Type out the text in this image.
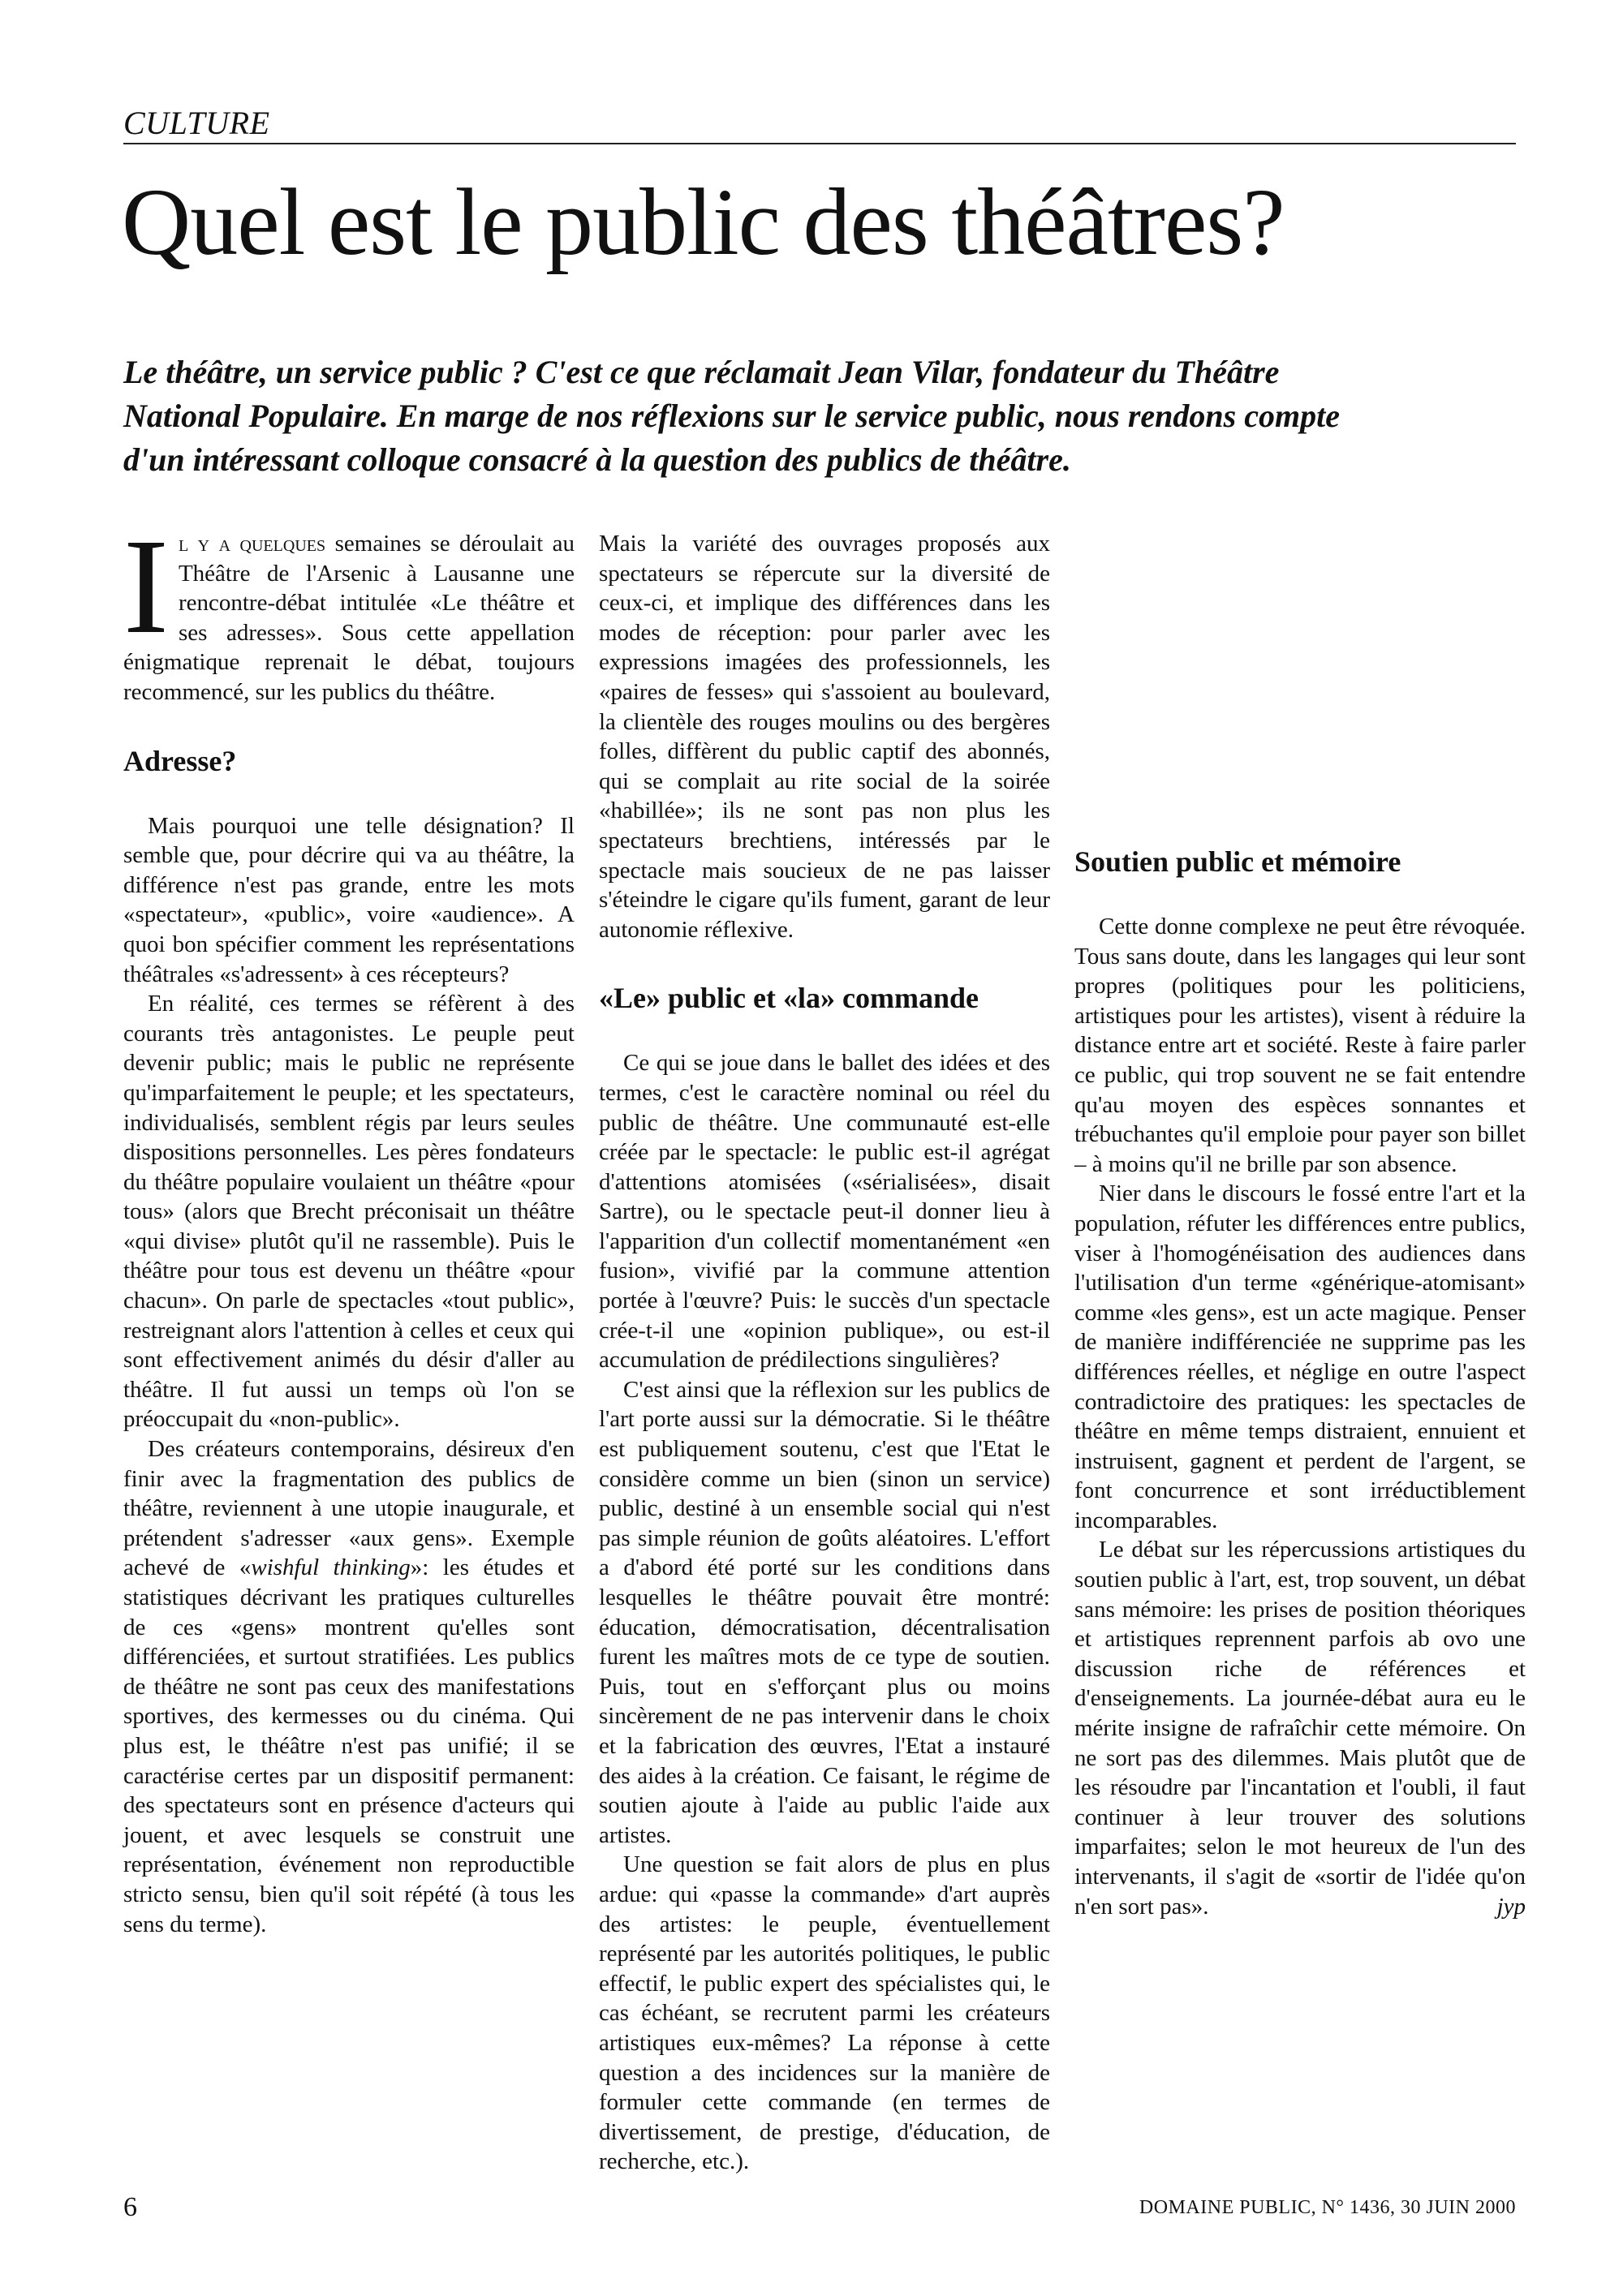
CULTURE
Quel est le public des théâtres?

Le théâtre, un service public ? C'est ce que réclamait Jean Vilar, fondateur du Théâtre National Populaire. En marge de nos réflexions sur le service public, nous rendons compte d'un intéressant colloque consacré à la question des publics de théâtre.

Il y a quelques semaines se déroulait au Théâtre de l'Arsenic à Lausanne une rencontre-débat intitulée «Le théâtre et ses adresses». Sous cette appellation énigmatique reprenait le débat, toujours recommencé, sur les publics du théâtre.

Adresse?

Mais pourquoi une telle désignation? Il semble que, pour décrire qui va au théâtre, la différence n'est pas grande, entre les mots «spectateur», «public», voire «audience». A quoi bon spécifier comment les représentations théâtrales «s'adressent» à ces récepteurs?

En réalité, ces termes se réfèrent à des courants très antagonistes. Le peuple peut devenir public; mais le public ne représente qu'imparfaitement le peuple; et les spectateurs, individualisés, semblent régis par leurs seules dispositions personnelles. Les pères fondateurs du théâtre populaire voulaient un théâtre «pour tous» (alors que Brecht préconisait un théâtre «qui divise» plutôt qu'il ne rassemble). Puis le théâtre pour tous est devenu un théâtre «pour chacun». On parle de spectacles «tout public», restreignant alors l'attention à celles et ceux qui sont effectivement animés du désir d'aller au théâtre. Il fut aussi un temps où l'on se préoccupait du «non-public».

Des créateurs contemporains, désireux d'en finir avec la fragmentation des publics de théâtre, reviennent à une utopie inaugurale, et prétendent s'adresser «aux gens». Exemple achevé de «wishful thinking»: les études et statistiques décrivant les pratiques culturelles de ces «gens» montrent qu'elles sont différenciées, et surtout stratifiées. Les publics de théâtre ne sont pas ceux des manifestations sportives, des kermesses ou du cinéma. Qui plus est, le théâtre n'est pas unifié; il se caractérise certes par un dispositif permanent: des spectateurs sont en présence d'acteurs qui jouent, et avec lesquels se construit une représentation, événement non reproductible stricto sensu, bien qu'il soit répété (à tous les sens du terme).

Mais la variété des ouvrages proposés aux spectateurs se répercute sur la diversité de ceux-ci, et implique des différences dans les modes de réception: pour parler avec les expressions imagées des professionnels, les «paires de fesses» qui s'assoient au boulevard, la clientèle des rouges moulins ou des bergères folles, diffèrent du public captif des abonnés, qui se complait au rite social de la soirée «habillée»; ils ne sont pas non plus les spectateurs brechtiens, intéressés par le spectacle mais soucieux de ne pas laisser s'éteindre le cigare qu'ils fument, garant de leur autonomie réflexive.

«Le» public et «la» commande

Ce qui se joue dans le ballet des idées et des termes, c'est le caractère nominal ou réel du public de théâtre. Une communauté est-elle créée par le spectacle: le public est-il agrégat d'attentions atomisées («sérialisées», disait Sartre), ou le spectacle peut-il donner lieu à l'apparition d'un collectif momentanément «en fusion», vivifié par la commune attention portée à l'œuvre? Puis: le succès d'un spectacle crée-t-il une «opinion publique», ou est-il accumulation de prédilections singulières?

C'est ainsi que la réflexion sur les publics de l'art porte aussi sur la démocratie. Si le théâtre est publiquement soutenu, c'est que l'Etat le considère comme un bien (sinon un service) public, destiné à un ensemble social qui n'est pas simple réunion de goûts aléatoires. L'effort a d'abord été porté sur les conditions dans lesquelles le théâtre pouvait être montré: éducation, démocratisation, décentralisation furent les maîtres mots de ce type de soutien. Puis, tout en s'efforçant plus ou moins sincèrement de ne pas intervenir dans le choix et la fabrication des œuvres, l'Etat a instauré des aides à la création. Ce faisant, le régime de soutien ajoute à l'aide au public l'aide aux artistes.

Une question se fait alors de plus en plus ardue: qui «passe la commande» d'art auprès des artistes: le peuple, éventuellement représenté par les autorités politiques, le public effectif, le public expert des spécialistes qui, le cas échéant, se recrutent parmi les créateurs artistiques eux-mêmes? La réponse à cette question a des incidences sur la manière de formuler cette commande (en termes de divertissement, de prestige, d'éducation, de recherche, etc.).

Soutien public et mémoire

Cette donne complexe ne peut être révoquée. Tous sans doute, dans les langages qui leur sont propres (politiques pour les politiciens, artistiques pour les artistes), visent à réduire la distance entre art et société. Reste à faire parler ce public, qui trop souvent ne se fait entendre qu'au moyen des espèces sonnantes et trébuchantes qu'il emploie pour payer son billet – à moins qu'il ne brille par son absence.

Nier dans le discours le fossé entre l'art et la population, réfuter les différences entre publics, viser à l'homogénéisation des audiences dans l'utilisation d'un terme «générique-atomisant» comme «les gens», est un acte magique. Penser de manière indifférenciée ne supprime pas les différences réelles, et néglige en outre l'aspect contradictoire des pratiques: les spectacles de théâtre en même temps distraient, ennuient et instruisent, gagnent et perdent de l'argent, se font concurrence et sont irréductiblement incomparables.

Le débat sur les répercussions artistiques du soutien public à l'art, est, trop souvent, un débat sans mémoire: les prises de position théoriques et artistiques reprennent parfois ab ovo une discussion riche de références et d'enseignements. La journée-débat aura eu le mérite insigne de rafraîchir cette mémoire. On ne sort pas des dilemmes. Mais plutôt que de les résoudre par l'incantation et l'oubli, il faut continuer à leur trouver des solutions imparfaites; selon le mot heureux de l'un des intervenants, il s'agit de «sortir de l'idée qu'on n'en sort pas».	jyp

6	DOMAINE PUBLIC, N° 1436, 30 JUIN 2000
